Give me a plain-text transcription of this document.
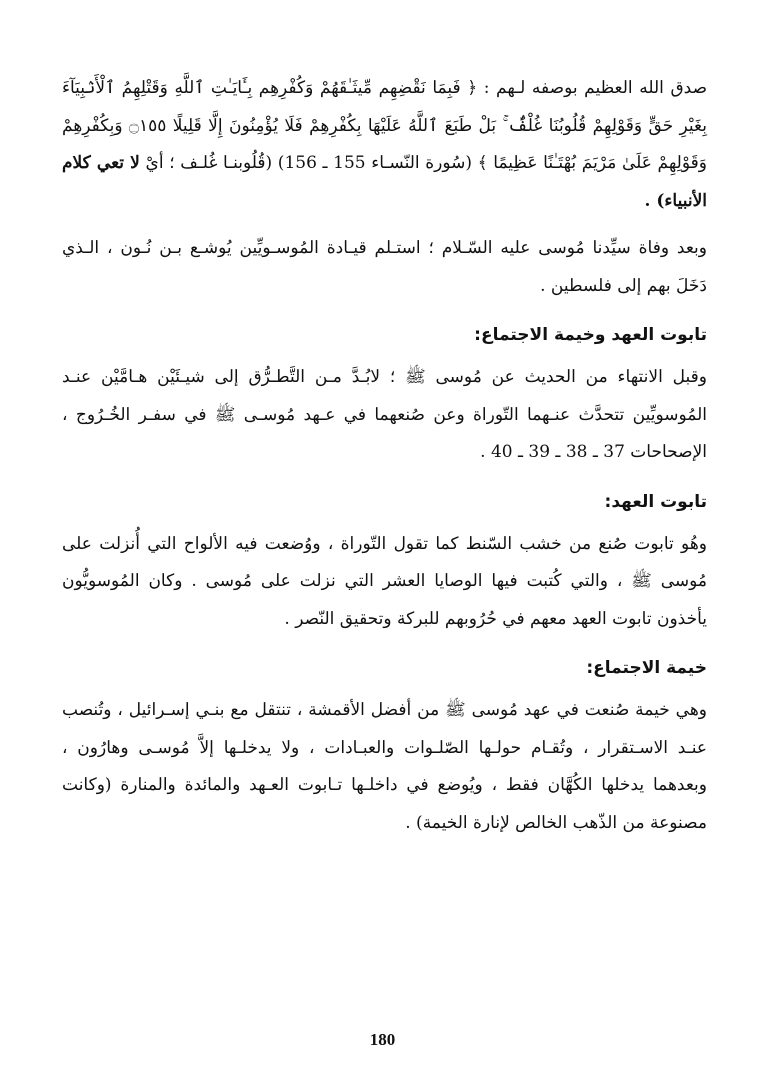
صدق الله العظيم بوصفه لـهم : ﴿ فَبِمَا نَقْضِهِم مِّيثَـٰقَهُمْ وَكُفْرِهِم بِـَٔايَـٰتِ ٱللَّهِ وَقَتْلِهِمُ ٱلْأَنۢبِيَآءَ بِغَيْرِ حَقٍّ وَقَوْلِهِمْ قُلُوبُنَا غُلْفٌۢ ۚ بَلْ طَبَعَ ٱللَّهُ عَلَيْهَا بِكُفْرِهِمْ فَلَا يُؤْمِنُونَ إِلَّا قَلِيلًا ۝١٥٥ وَبِكُفْرِهِمْ وَقَوْلِهِمْ عَلَىٰ مَرْيَمَ بُهْتَـٰنًا عَظِيمًا ﴾ (سُورة النّسـاء 155 ـ 156) (قُلُوبنـا غُلـف ؛ أيْ لا تعي كلام الأنبياء) .

وبعد وفاة سيِّدنا مُوسى عليه السّـلام ؛ استـلم قيـادة المُوسـويِّين يُوشـع بـن نُـون ، الـذي دَخَلَ بهم إلى فلسطين .

تابوت العهد وخيمة الاجتماع:

وقبل الانتهاء من الحديث عن مُوسى ﷺ ؛ لابُـدَّ مـن التَّطـرُّق إلى شيـئَيْن هـامَّيْن عنـد المُوسويِّين تتحدَّث عنـهما التّوراة وعن صُنعهما في عـهد مُوسـى ﷺ في سفـر الخُـرُوج ، الإصحاحات 37 ـ 38 ـ 39 ـ 40 .

تابوت العهد:

وهُو تابوت صُنع من خشب السّنط كما تقول التّوراة ، ووُضعت فيه الألواح التي أُنزلت على مُوسى ﷺ ، والتي كُتبت فيها الوصايا العشر التي نزلت على مُوسى . وكان المُوسويُّون يأخذون تابوت العهد معهم في حُرُوبهم للبركة وتحقيق النّصر .

خيمة الاجتماع:

وهي خيمة صُنعت في عهد مُوسى ﷺ من أفضل الأقمشة ، تنتقل مع بنـي إسـرائيل ، وتُنصب عنـد الاسـتقرار ، وتُقـام حولـها الصّلـوات والعبـادات ، ولا يدخلـها إلاَّ مُوسـى وهارُون ، وبعدهما يدخلها الكُهَّان فقط ، ويُوضع في داخلـها تـابوت العـهد والمائدة والمنارة (وكانت مصنوعة من الذّهب الخالص لإنارة الخيمة) .

180
